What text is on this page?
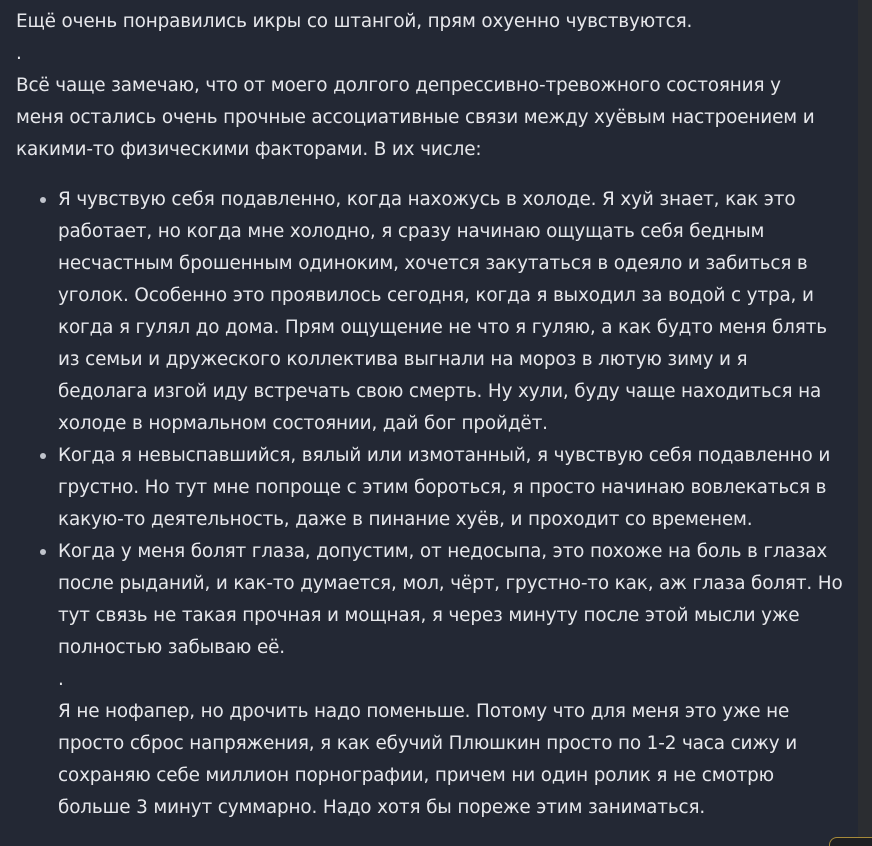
Ещё очень понравились икры со штангой, прям охуенно чувствуются.

.

Всё чаще замечаю, что от моего долгого депрессивно-тревожного состояния у
меня остались очень прочные ассоциативные связи между хуёвым настроением и
какими-то физическими факторами. В их числе:

Я чувствую себя подавленно, когда нахожусь в холоде. Я хуй знает, как это
работает, но когда мне холодно, я сразу начинаю ощущать себя бедным
несчастным брошенным одиноким, хочется закутаться в одеяло и забиться в
уголок. Особенно это проявилось сегодня, когда я выходил за водой с утра, и
когда я гулял до дома. Прям ощущение не что я гуляю, а как будто меня блять
из семьи и дружеского коллектива выгнали на мороз в лютую зиму и я
бедолага изгой иду встречать свою смерть. Ну хули, буду чаще находиться на
холоде в нормальном состоянии, дай бог пройдёт.
Когда я невыспавшийся, вялый или измотанный, я чувствую себя подавленно и
грустно. Но тут мне попроще с этим бороться, я просто начинаю вовлекаться в
какую-то деятельность, даже в пинание хуёв, и проходит со временем.
Когда у меня болят глаза, допустим, от недосыпа, это похоже на боль в глазах
после рыданий, и как-то думается, мол, чёрт, грустно-то как, аж глаза болят. Но
тут связь не такая прочная и мощная, я через минуту после этой мысли уже
полностью забываю её.
.
Я не нофапер, но дрочить надо поменьше. Потому что для меня это уже не
просто сброс напряжения, я как ебучий Плюшкин просто по 1-2 часа сижу и
сохраняю себе миллион порнографии, причем ни один ролик я не смотрю
больше 3 минут суммарно. Надо хотя бы пореже этим заниматься.
